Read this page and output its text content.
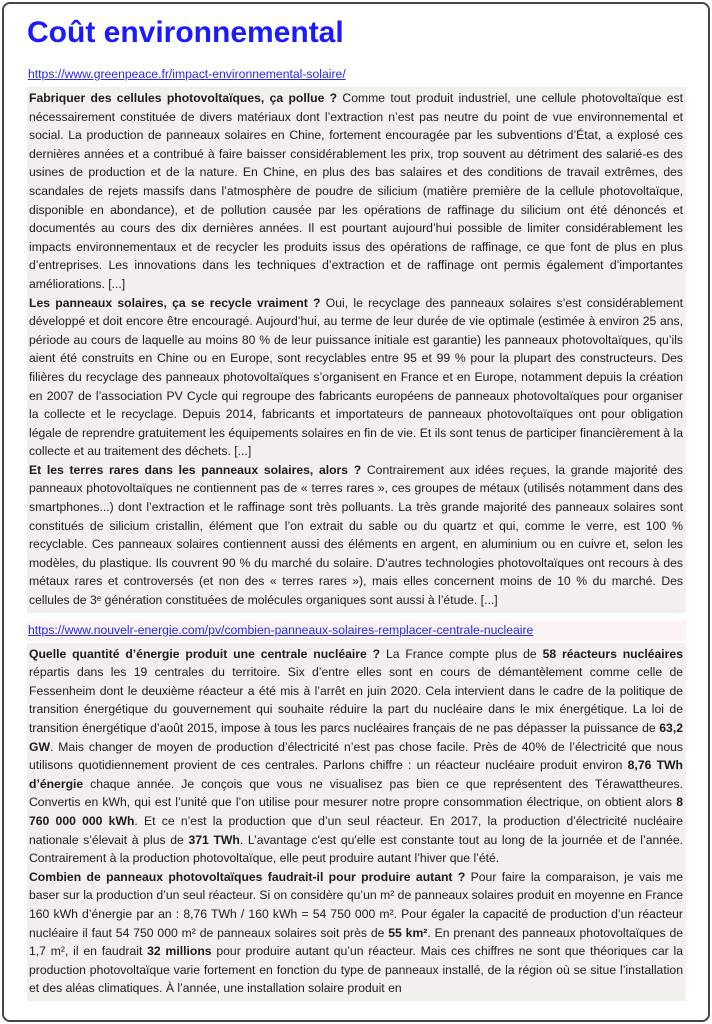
Coût environnemental
https://www.greenpeace.fr/impact-environnemental-solaire/

Fabriquer des cellules photovoltaïques, ça pollue ? Comme tout produit industriel, une cellule photovoltaïque est nécessairement constituée de divers matériaux dont l’extraction n’est pas neutre du point de vue environnemental et social. La production de panneaux solaires en Chine, fortement encouragée par les subventions d’État, a explosé ces dernières années et a contribué à faire baisser considérablement les prix, trop souvent au détriment des salarié-es des usines de production et de la nature. En Chine, en plus des bas salaires et des conditions de travail extrêmes, des scandales de rejets massifs dans l’atmosphère de poudre de silicium (matière première de la cellule photovoltaïque, disponible en abondance), et de pollution causée par les opérations de raffinage du silicium ont été dénoncés et documentés au cours des dix dernières années. Il est pourtant aujourd’hui possible de limiter considérablement les impacts environnementaux et de recycler les produits issus des opérations de raffinage, ce que font de plus en plus d’entreprises. Les innovations dans les techniques d’extraction et de raffinage ont permis également d’importantes améliorations. [...]

Les panneaux solaires, ça se recycle vraiment ? Oui, le recyclage des panneaux solaires s’est considérablement développé et doit encore être encouragé. Aujourd’hui, au terme de leur durée de vie optimale (estimée à environ 25 ans, période au cours de laquelle au moins 80 % de leur puissance initiale est garantie) les panneaux photovoltaïques, qu’ils aient été construits en Chine ou en Europe, sont recyclables entre 95 et 99 % pour la plupart des constructeurs. Des filières du recyclage des panneaux photovoltaïques s’organisent en France et en Europe, notamment depuis la création en 2007 de l’association PV Cycle qui regroupe des fabricants européens de panneaux photovoltaïques pour organiser la collecte et le recyclage. Depuis 2014, fabricants et importateurs de panneaux photovoltaïques ont pour obligation légale de reprendre gratuitement les équipements solaires en fin de vie. Et ils sont tenus de participer financièrement à la collecte et au traitement des déchets. [...]

Et les terres rares dans les panneaux solaires, alors ? Contrairement aux idées reçues, la grande majorité des panneaux photovoltaïques ne contiennent pas de « terres rares », ces groupes de métaux (utilisés notamment dans des smartphones...) dont l’extraction et le raffinage sont très polluants. La très grande majorité des panneaux solaires sont constitués de silicium cristallin, élément que l’on extrait du sable ou du quartz et qui, comme le verre, est 100 % recyclable. Ces panneaux solaires contiennent aussi des éléments en argent, en aluminium ou en cuivre et, selon les modèles, du plastique. Ils couvrent 90 % du marché du solaire. D’autres technologies photovoltaïques ont recours à des métaux rares et controversés (et non des « terres rares »), mais elles concernent moins de 10 % du marché. Des cellules de 3ᵉ génération constituées de molécules organiques sont aussi à l’étude. [...]

https://www.nouvelr-energie.com/pv/combien-panneaux-solaires-remplacer-centrale-nucleaire

Quelle quantité d’énergie produit une centrale nucléaire ? La France compte plus de 58 réacteurs nucléaires répartis dans les 19 centrales du territoire. Six d’entre elles sont en cours de démantèlement comme celle de Fessenheim dont le deuxième réacteur a été mis à l’arrêt en juin 2020. Cela intervient dans le cadre de la politique de transition énergétique du gouvernement qui souhaite réduire la part du nucléaire dans le mix énergétique. La loi de transition énergétique d’août 2015, impose à tous les parcs nucléaires français de ne pas dépasser la puissance de 63,2 GW. Mais changer de moyen de production d’électricité n’est pas chose facile. Près de 40% de l’électricité que nous utilisons quotidiennement provient de ces centrales. Parlons chiffre : un réacteur nucléaire produit environ 8,76 TWh d’énergie chaque année. Je conçois que vous ne visualisez pas bien ce que représentent des Térawattheures. Convertis en kWh, qui est l’unité que l’on utilise pour mesurer notre propre consommation électrique, on obtient alors 8 760 000 000 kWh. Et ce n’est la production que d’un seul réacteur. En 2017, la production d’électricité nucléaire nationale s’élevait à plus de 371 TWh. L’avantage c'est qu'elle est constante tout au long de la journée et de l’année. Contrairement à la production photovoltaïque, elle peut produire autant l’hiver que l’été.

Combien de panneaux photovoltaïques faudrait-il pour produire autant ? Pour faire la comparaison, je vais me baser sur la production d’un seul réacteur. Si on considère qu’un m² de panneaux solaires produit en moyenne en France 160 kWh d’énergie par an : 8,76 TWh / 160 kWh = 54 750 000 m². Pour égaler la capacité de production d’un réacteur nucléaire il faut 54 750 000 m² de panneaux solaires soit près de 55 km². En prenant des panneaux photovoltaïques de 1,7 m², il en faudrait 32 millions pour produire autant qu’un réacteur. Mais ces chiffres ne sont que théoriques car la production photovoltaïque varie fortement en fonction du type de panneaux installé, de la région où se situe l’installation et des aléas climatiques. À l’année, une installation solaire produit en
